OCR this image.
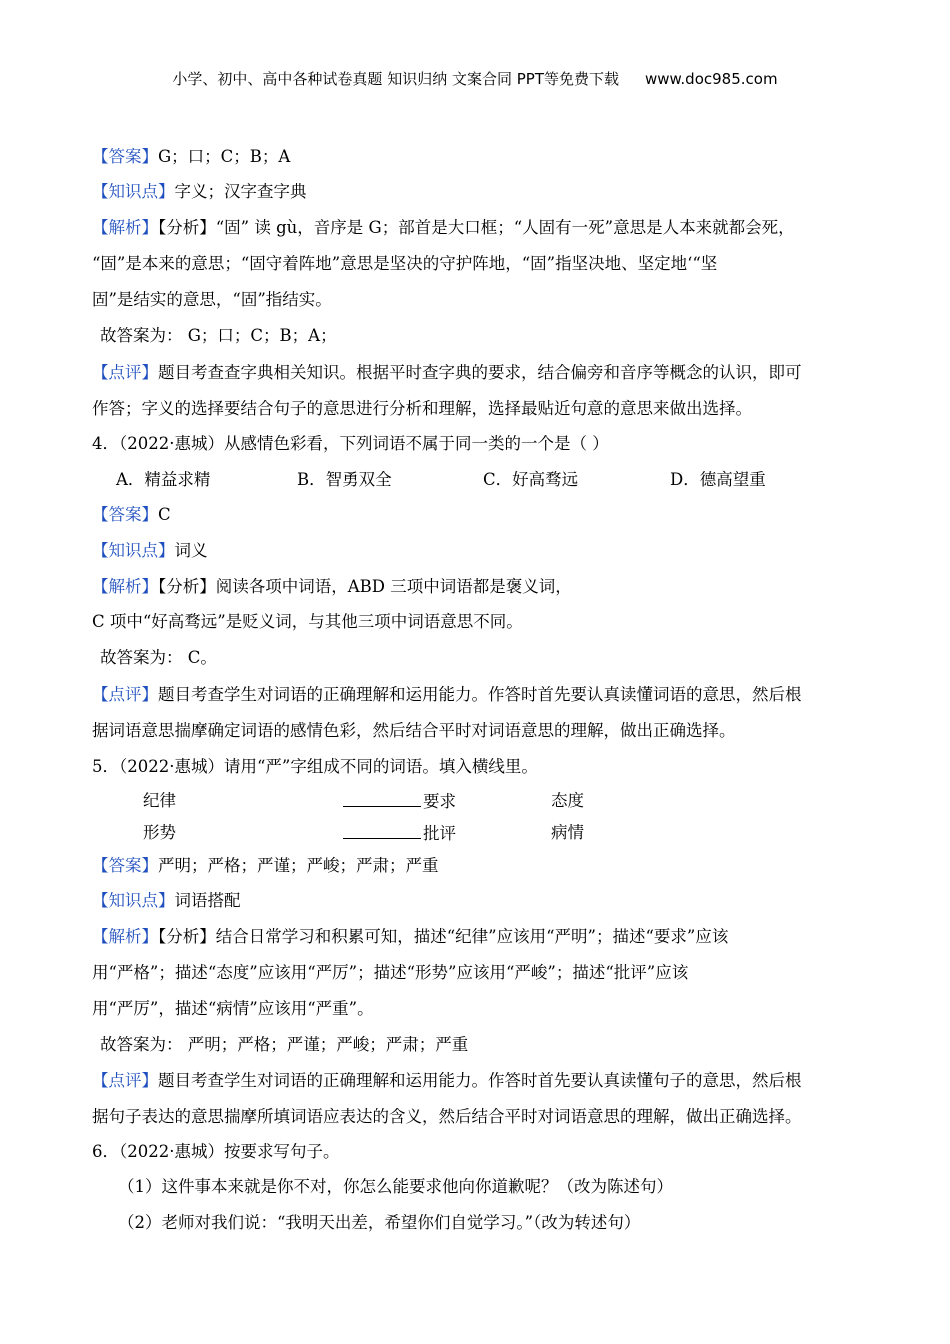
小学、初中、高中各种试卷真题 知识归纳 文案合同 PPT等免费下载 www.doc985.com
【答案】G；口；C；B；A
【知识点】字义；汉字查字典
【解析】【分析】“固” 读 gù，音序是 G；部首是大口框；“人固有一死”意思是人本来就都会死，
“固”是本来的意思；“固守着阵地”意思是坚决的守护阵地，“固”指坚决地、坚定地‘“坚
固”是结实的意思，“固”指结实。
故答案为： G；口；C；B；A；
【点评】题目考查查字典相关知识。根据平时查字典的要求，结合偏旁和音序等概念的认识，即可
作答；字义的选择要结合句子的意思进行分析和理解，选择最贴近句意的意思来做出选择。
4．（2022·惠城）从感情色彩看，下列词语不属于同一类的一个是（ ）
A．精益求精	B．智勇双全	C．好高骛远	D．德高望重
【答案】C
【知识点】词义
【解析】【分析】阅读各项中词语，ABD 三项中词语都是褒义词，
C 项中“好高骛远”是贬义词，与其他三项中词语意思不同。
故答案为： C。
【点评】题目考查学生对词语的正确理解和运用能力。作答时首先要认真读懂词语的意思，然后根
据词语意思揣摩确定词语的感情色彩，然后结合平时对词语意思的理解，做出正确选择。
5．（2022·惠城）请用“严”字组成不同的词语。填入横线里。
纪律	要求	态度
形势	批评	病情
【答案】严明；严格；严谨；严峻；严肃；严重
【知识点】词语搭配
【解析】【分析】结合日常学习和积累可知，描述“纪律”应该用“严明”；描述“要求”应该
用“严格”；描述“态度”应该用“严厉”；描述“形势”应该用“严峻”；描述“批评”应该
用“严厉”，描述“病情”应该用“严重”。
故答案为： 严明；严格；严谨；严峻；严肃；严重
【点评】题目考查学生对词语的正确理解和运用能力。作答时首先要认真读懂句子的意思，然后根
据句子表达的意思揣摩所填词语应表达的含义，然后结合平时对词语意思的理解，做出正确选择。
6．（2022·惠城）按要求写句子。
（1）这件事本来就是你不对，你怎么能要求他向你道歉呢？（改为陈述句）
（2）老师对我们说：“我明天出差，希望你们自觉学习。”（改为转述句）
